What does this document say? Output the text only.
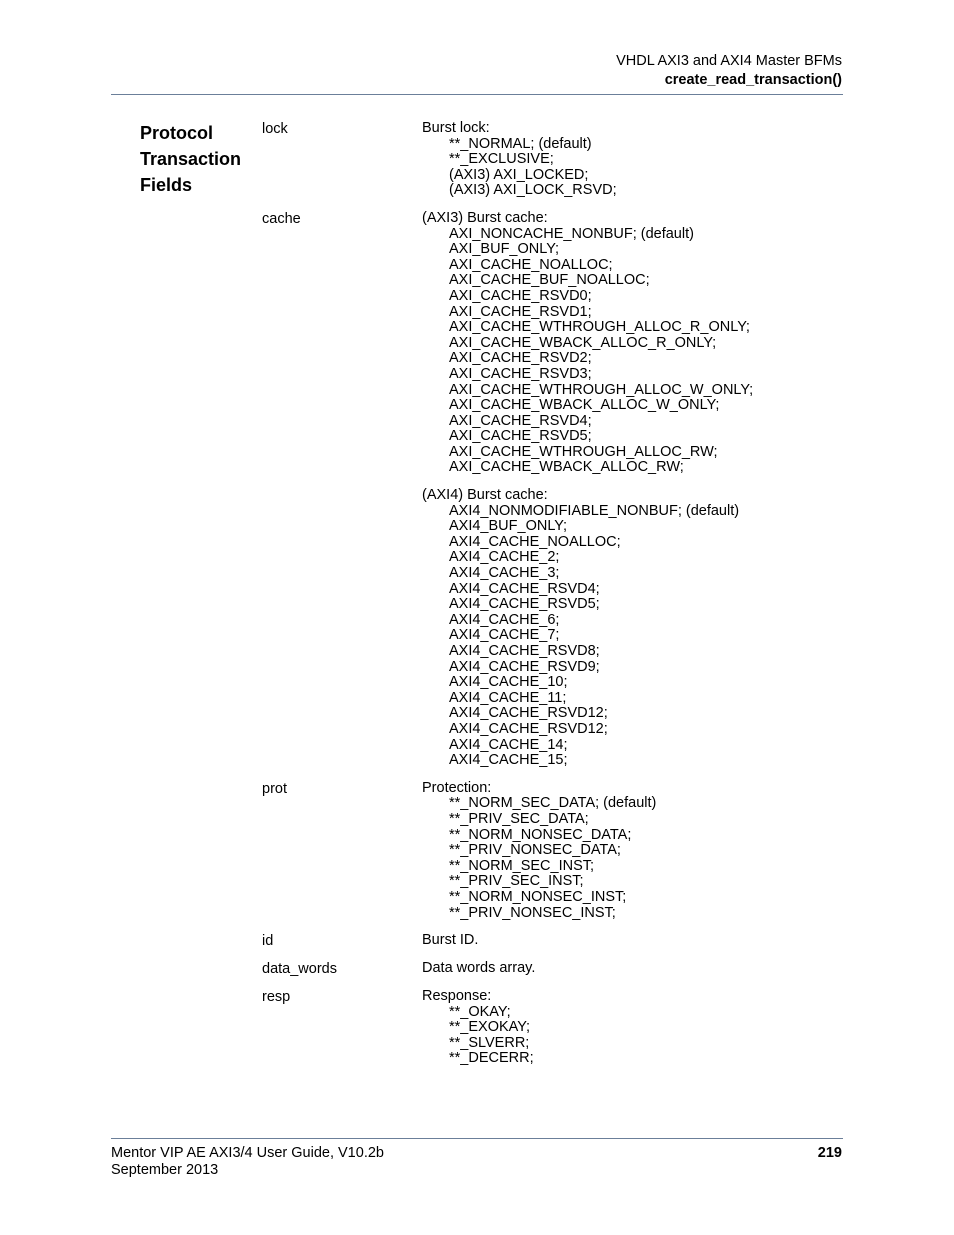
VHDL AXI3 and AXI4 Master BFMs
create_read_transaction()
Protocol
Transaction
Fields
lock	Burst lock:
**_NORMAL; (default)
**_EXCLUSIVE;
(AXI3) AXI_LOCKED;
(AXI3) AXI_LOCK_RSVD;
cache	(AXI3) Burst cache:
AXI_NONCACHE_NONBUF; (default)
AXI_BUF_ONLY;
AXI_CACHE_NOALLOC;
AXI_CACHE_BUF_NOALLOC;
AXI_CACHE_RSVD0;
AXI_CACHE_RSVD1;
AXI_CACHE_WTHROUGH_ALLOC_R_ONLY;
AXI_CACHE_WBACK_ALLOC_R_ONLY;
AXI_CACHE_RSVD2;
AXI_CACHE_RSVD3;
AXI_CACHE_WTHROUGH_ALLOC_W_ONLY;
AXI_CACHE_WBACK_ALLOC_W_ONLY;
AXI_CACHE_RSVD4;
AXI_CACHE_RSVD5;
AXI_CACHE_WTHROUGH_ALLOC_RW;
AXI_CACHE_WBACK_ALLOC_RW;
(AXI4) Burst cache:
AXI4_NONMODIFIABLE_NONBUF; (default)
AXI4_BUF_ONLY;
AXI4_CACHE_NOALLOC;
AXI4_CACHE_2;
AXI4_CACHE_3;
AXI4_CACHE_RSVD4;
AXI4_CACHE_RSVD5;
AXI4_CACHE_6;
AXI4_CACHE_7;
AXI4_CACHE_RSVD8;
AXI4_CACHE_RSVD9;
AXI4_CACHE_10;
AXI4_CACHE_11;
AXI4_CACHE_RSVD12;
AXI4_CACHE_RSVD12;
AXI4_CACHE_14;
AXI4_CACHE_15;
prot	Protection:
**_NORM_SEC_DATA; (default)
**_PRIV_SEC_DATA;
**_NORM_NONSEC_DATA;
**_PRIV_NONSEC_DATA;
**_NORM_SEC_INST;
**_PRIV_SEC_INST;
**_NORM_NONSEC_INST;
**_PRIV_NONSEC_INST;
id	Burst ID.
data_words	Data words array.
resp	Response:
**_OKAY;
**_EXOKAY;
**_SLVERR;
**_DECERR;
Mentor VIP AE AXI3/4 User Guide, V10.2b
September 2013
219
